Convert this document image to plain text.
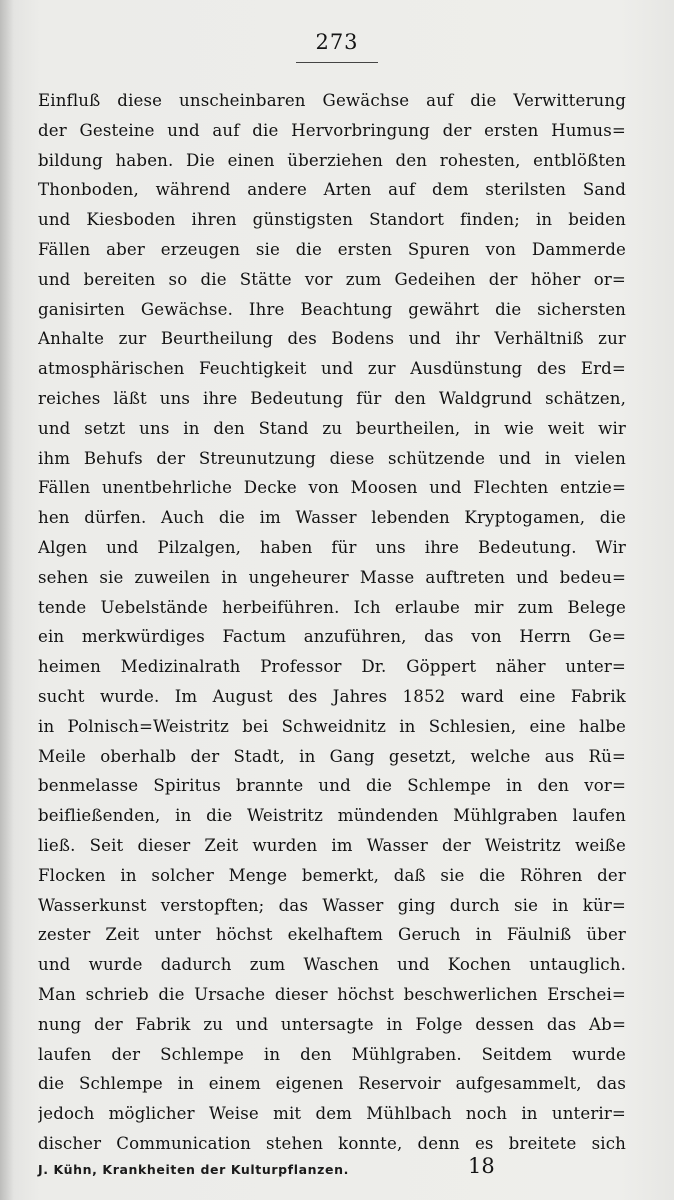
273
Einfluß diese unscheinbaren Gewächse auf die Verwitterung
der Gesteine und auf die Hervorbringung der ersten Humus=
bildung haben. Die einen überziehen den rohesten, entblößten
Thonboden, während andere Arten auf dem sterilsten Sand
und Kiesboden ihren günstigsten Standort finden; in beiden
Fällen aber erzeugen sie die ersten Spuren von Dammerde
und bereiten so die Stätte vor zum Gedeihen der höher or=
ganisirten Gewächse. Ihre Beachtung gewährt die sichersten
Anhalte zur Beurtheilung des Bodens und ihr Verhältniß zur
atmosphärischen Feuchtigkeit und zur Ausdünstung des Erd=
reiches läßt uns ihre Bedeutung für den Waldgrund schätzen,
und setzt uns in den Stand zu beurtheilen, in wie weit wir
ihm Behufs der Streunutzung diese schützende und in vielen
Fällen unentbehrliche Decke von Moosen und Flechten entzie=
hen dürfen. Auch die im Wasser lebenden Kryptogamen, die
Algen und Pilzalgen, haben für uns ihre Bedeutung. Wir
sehen sie zuweilen in ungeheurer Masse auftreten und bedeu=
tende Uebelstände herbeiführen. Ich erlaube mir zum Belege
ein merkwürdiges Factum anzuführen, das von Herrn Ge=
heimen Medizinalrath Professor Dr. Göppert näher unter=
sucht wurde. Im August des Jahres 1852 ward eine Fabrik
in Polnisch=Weistritz bei Schweidnitz in Schlesien, eine halbe
Meile oberhalb der Stadt, in Gang gesetzt, welche aus Rü=
benmelasse Spiritus brannte und die Schlempe in den vor=
beifließenden, in die Weistritz mündenden Mühlgraben laufen
ließ. Seit dieser Zeit wurden im Wasser der Weistritz weiße
Flocken in solcher Menge bemerkt, daß sie die Röhren der
Wasserkunst verstopften; das Wasser ging durch sie in kür=
zester Zeit unter höchst ekelhaftem Geruch in Fäulniß über
und wurde dadurch zum Waschen und Kochen untauglich.
Man schrieb die Ursache dieser höchst beschwerlichen Erschei=
nung der Fabrik zu und untersagte in Folge dessen das Ab=
laufen der Schlempe in den Mühlgraben. Seitdem wurde
die Schlempe in einem eigenen Reservoir aufgesammelt, das
jedoch möglicher Weise mit dem Mühlbach noch in unterir=
discher Communication stehen konnte, denn es breitete sich
J. Kühn, Krankheiten der Kulturpflanzen.	18
